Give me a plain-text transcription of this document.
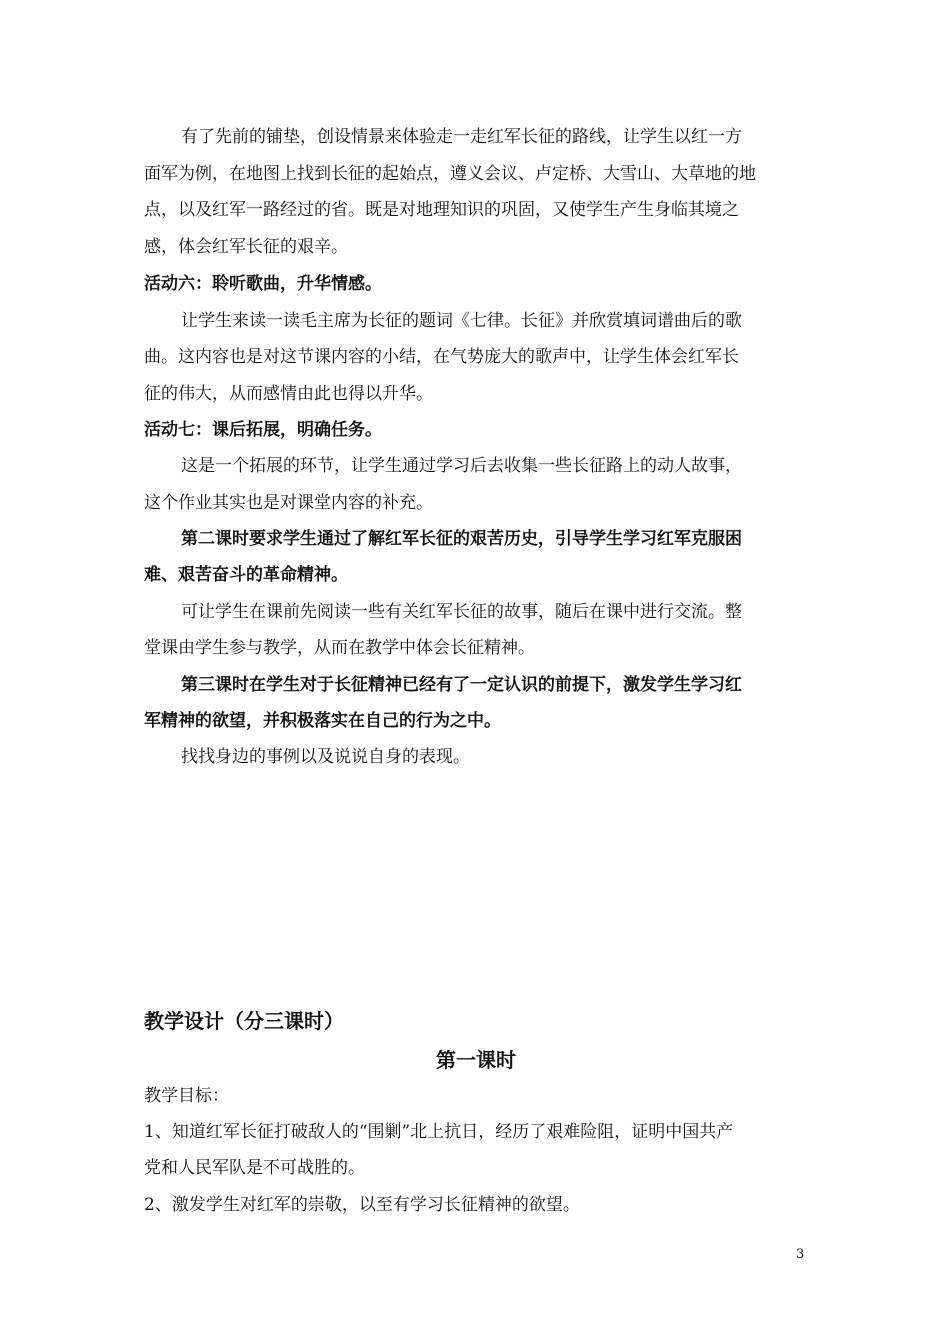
有了先前的铺垫，创设情景来体验走一走红军长征的路线，让学生以红一方
面军为例，在地图上找到长征的起始点，遵义会议、卢定桥、大雪山、大草地的地
点，以及红军一路经过的省。既是对地理知识的巩固，又使学生产生身临其境之
感，体会红军长征的艰辛。
活动六：聆听歌曲，升华情感。
让学生来读一读毛主席为长征的题词《七律。长征》并欣赏填词谱曲后的歌
曲。这内容也是对这节课内容的小结，在气势庞大的歌声中，让学生体会红军长
征的伟大，从而感情由此也得以升华。
活动七：课后拓展，明确任务。
这是一个拓展的环节，让学生通过学习后去收集一些长征路上的动人故事，
这个作业其实也是对课堂内容的补充。
第二课时要求学生通过了解红军长征的艰苦历史，引导学生学习红军克服困
难、艰苦奋斗的革命精神。
可让学生在课前先阅读一些有关红军长征的故事，随后在课中进行交流。整
堂课由学生参与教学，从而在教学中体会长征精神。
第三课时在学生对于长征精神已经有了一定认识的前提下，激发学生学习红
军精神的欲望，并积极落实在自己的行为之中。
找找身边的事例以及说说自身的表现。
教学设计（分三课时）
第一课时
教学目标：
1、知道红军长征打破敌人的“围剿”北上抗日，经历了艰难险阻，证明中国共产
党和人民军队是不可战胜的。
2、激发学生对红军的崇敬，以至有学习长征精神的欲望。
3
